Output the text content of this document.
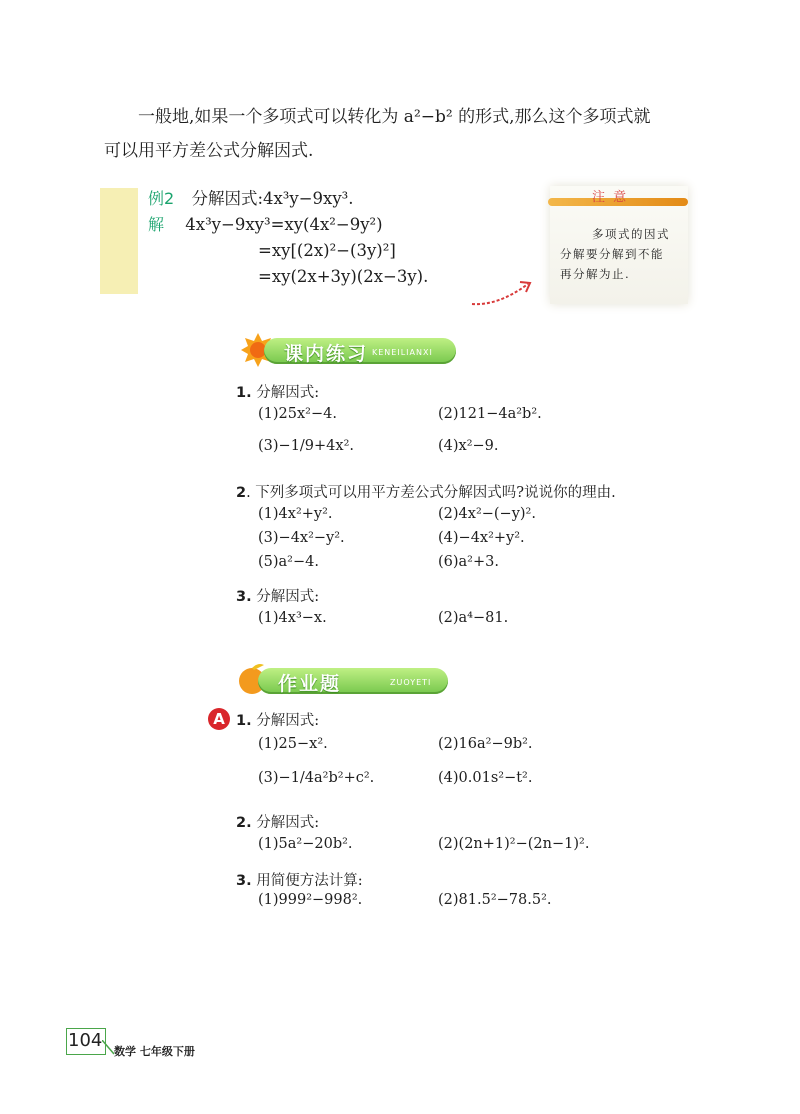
一般地,如果一个多项式可以转化为 a²−b² 的形式,那么这个多项式就

可以用平方差公式分解因式.

例2 分解因式:4x³y−9xy³.
解 4x³y−9xy³=xy(4x²−9y²)
=xy[(2x)²−(3y)²]
=xy(2x+3y)(2x−3y).
注 意
多项式的因式
分解要分解到不能
再分解为止.
课内练习 KENEILIANXI
1. 分解因式:
(1)25x²−4.	(2)121−4a²b².
(3)−1/9+4x².	(4)x²−9.
2. 下列多项式可以用平方差公式分解因式吗?说说你的理由.
(1)4x²+y².	(2)4x²−(−y)².
(3)−4x²−y².	(4)−4x²+y².
(5)a²−4.	(6)a²+3.
3. 分解因式:
(1)4x³−x.	(2)a⁴−81.
作业题	ZUOYETI
A 1. 分解因式:
(1)25−x².	(2)16a²−9b².
(3)−1/4a²b²+c².	(4)0.01s²−t².
2. 分解因式:
(1)5a²−20b².	(2)(2n+1)²−(2n−1)².
3. 用简便方法计算:
(1)999²−998².	(2)81.5²−78.5².
104
数学 七年级下册
